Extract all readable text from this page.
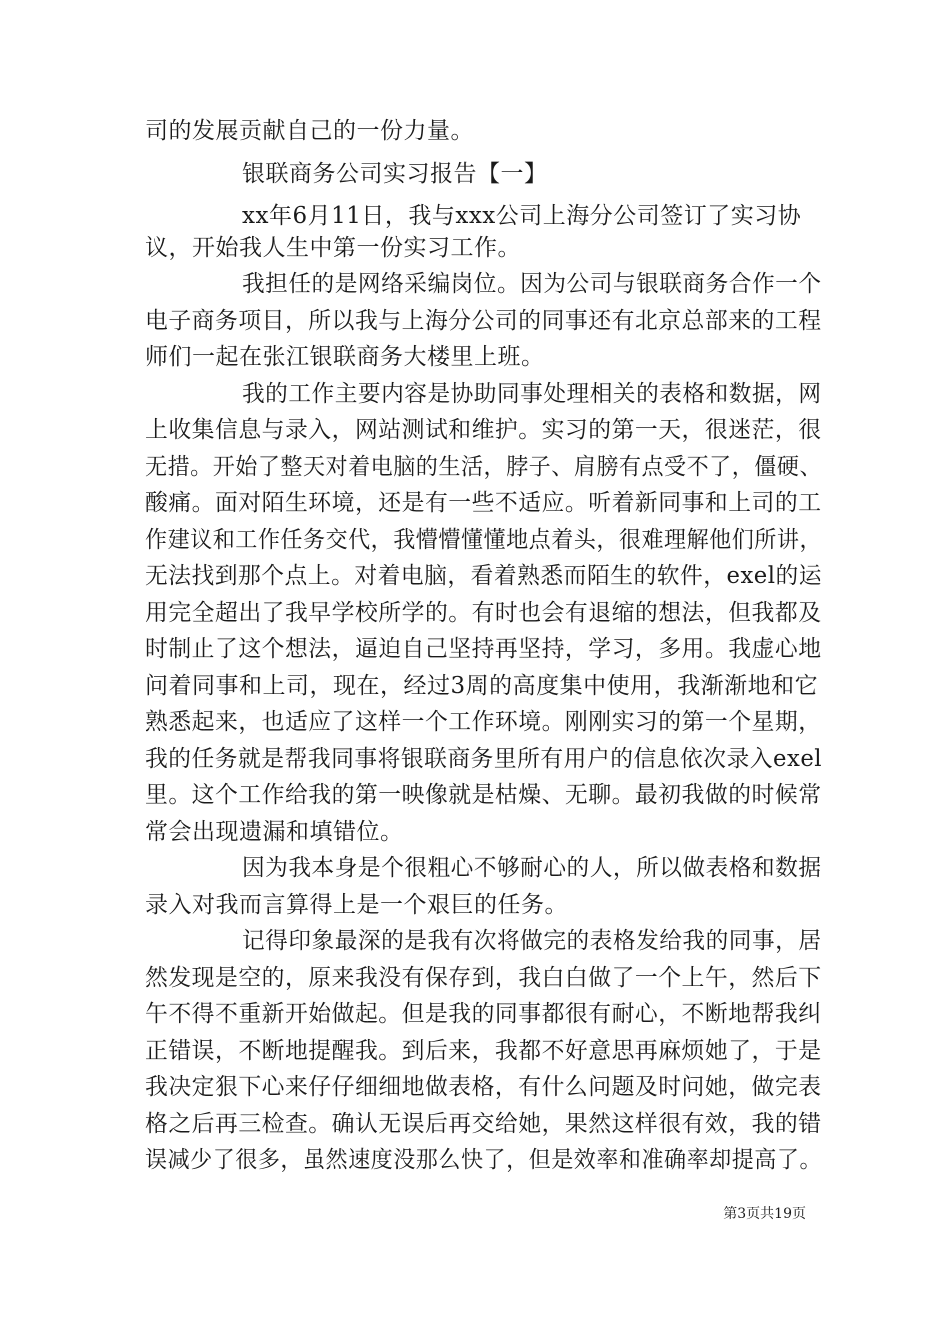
司的发展贡献自己的一份力量。
银联商务公司实习报告【一】
xx年6月11日，我与xxx公司上海分公司签订了实习协
议，开始我人生中第一份实习工作。
我担任的是网络采编岗位。因为公司与银联商务合作一个
电子商务项目，所以我与上海分公司的同事还有北京总部来的工程
师们一起在张江银联商务大楼里上班。
我的工作主要内容是协助同事处理相关的表格和数据，网
上收集信息与录入，网站测试和维护。实习的第一天，很迷茫，很
无措。开始了整天对着电脑的生活，脖子、肩膀有点受不了，僵硬、
酸痛。面对陌生环境，还是有一些不适应。听着新同事和上司的工
作建议和工作任务交代，我懵懵懂懂地点着头，很难理解他们所讲，
无法找到那个点上。对着电脑，看着熟悉而陌生的软件，exel的运
用完全超出了我早学校所学的。有时也会有退缩的想法，但我都及
时制止了这个想法，逼迫自己坚持再坚持，学习，多用。我虚心地
问着同事和上司，现在，经过3周的高度集中使用，我渐渐地和它
熟悉起来，也适应了这样一个工作环境。刚刚实习的第一个星期，
我的任务就是帮我同事将银联商务里所有用户的信息依次录入exel
里。这个工作给我的第一映像就是枯燥、无聊。最初我做的时候常
常会出现遗漏和填错位。
因为我本身是个很粗心不够耐心的人，所以做表格和数据
录入对我而言算得上是一个艰巨的任务。
记得印象最深的是我有次将做完的表格发给我的同事，居
然发现是空的，原来我没有保存到，我白白做了一个上午，然后下
午不得不重新开始做起。但是我的同事都很有耐心，不断地帮我纠
正错误，不断地提醒我。到后来，我都不好意思再麻烦她了，于是
我决定狠下心来仔仔细细地做表格，有什么问题及时问她，做完表
格之后再三检查。确认无误后再交给她，果然这样很有效，我的错
误减少了很多，虽然速度没那么快了，但是效率和准确率却提高了。
第3页共19页
